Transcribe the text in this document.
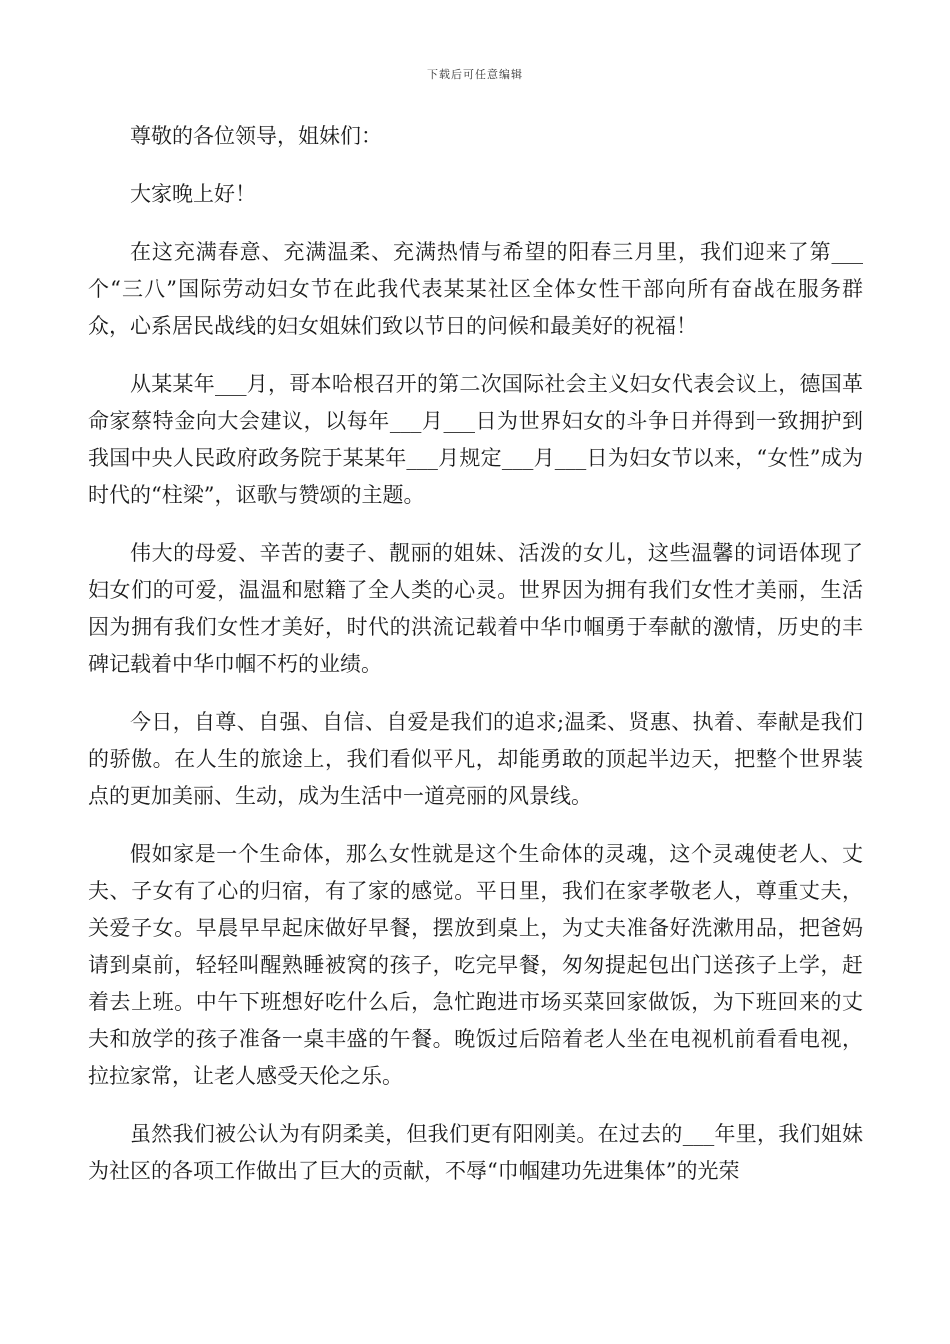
下载后可任意编辑

尊敬的各位领导，姐妹们：

大家晚上好！

在这充满春意、充满温柔、充满热情与希望的阳春三月里，我们迎来了第___个“三八”国际劳动妇女节在此我代表某某社区全体女性干部向所有奋战在服务群众，心系居民战线的妇女姐妹们致以节日的问候和最美好的祝福！

从某某年___月，哥本哈根召开的第二次国际社会主义妇女代表会议上，德国革命家蔡特金向大会建议，以每年___月___日为世界妇女的斗争日并得到一致拥护到我国中央人民政府政务院于某某年___月规定___月___日为妇女节以来，“女性”成为时代的“柱梁”，讴歌与赞颂的主题。

伟大的母爱、辛苦的妻子、靓丽的姐妹、活泼的女儿，这些温馨的词语体现了妇女们的可爱，温温和慰籍了全人类的心灵。世界因为拥有我们女性才美丽，生活因为拥有我们女性才美好，时代的洪流记载着中华巾帼勇于奉献的激情，历史的丰碑记载着中华巾帼不朽的业绩。

今日，自尊、自强、自信、自爱是我们的追求;温柔、贤惠、执着、奉献是我们的骄傲。在人生的旅途上，我们看似平凡，却能勇敢的顶起半边天，把整个世界装点的更加美丽、生动，成为生活中一道亮丽的风景线。

假如家是一个生命体，那么女性就是这个生命体的灵魂，这个灵魂使老人、丈夫、子女有了心的归宿，有了家的感觉。平日里，我们在家孝敬老人，尊重丈夫，关爱子女。早晨早早起床做好早餐，摆放到桌上，为丈夫准备好洗漱用品，把爸妈请到桌前，轻轻叫醒熟睡被窝的孩子，吃完早餐，匆匆提起包出门送孩子上学，赶着去上班。中午下班想好吃什么后，急忙跑进市场买菜回家做饭，为下班回来的丈夫和放学的孩子准备一桌丰盛的午餐。晚饭过后陪着老人坐在电视机前看看电视，拉拉家常，让老人感受天伦之乐。

虽然我们被公认为有阴柔美，但我们更有阳刚美。在过去的___年里，我们姐妹为社区的各项工作做出了巨大的贡献，不辱“巾帼建功先进集体”的光荣
